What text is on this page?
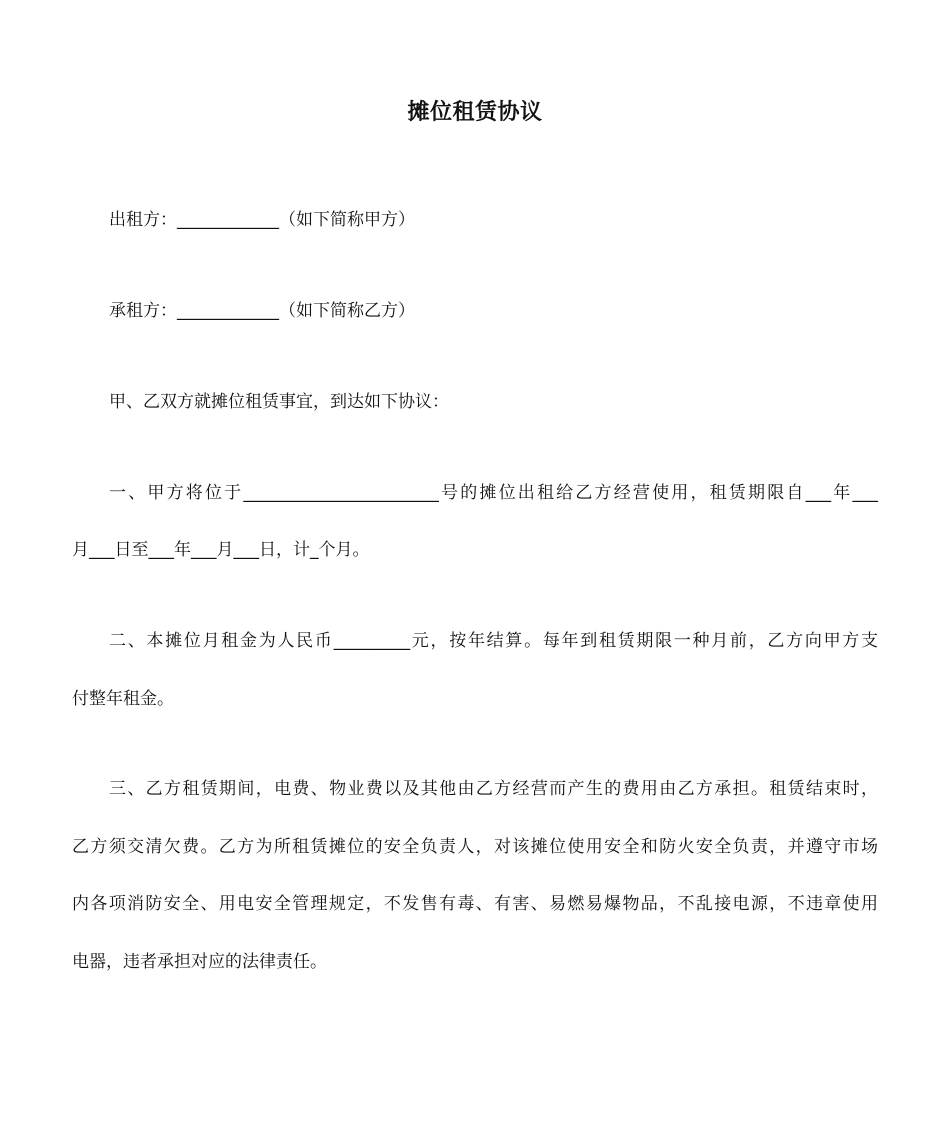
摊位租赁协议
出租方：____________（如下简称甲方）
承租方：____________（如下简称乙方）
甲、乙双方就摊位租赁事宜，到达如下协议：
一、甲方将位于_______________________号的摊位出租给乙方经营使用，租赁期限自___年___
月___日至___年___月___日，计_个月。
二、本摊位月租金为人民币_________元，按年结算。每年到租赁期限一种月前，乙方向甲方支
付整年租金。
三、乙方租赁期间，电费、物业费以及其他由乙方经营而产生的费用由乙方承担。租赁结束时，
乙方须交清欠费。乙方为所租赁摊位的安全负责人，对该摊位使用安全和防火安全负责，并遵守市场
内各项消防安全、用电安全管理规定，不发售有毒、有害、易燃易爆物品，不乱接电源，不违章使用
电器，违者承担对应的法律责任。
